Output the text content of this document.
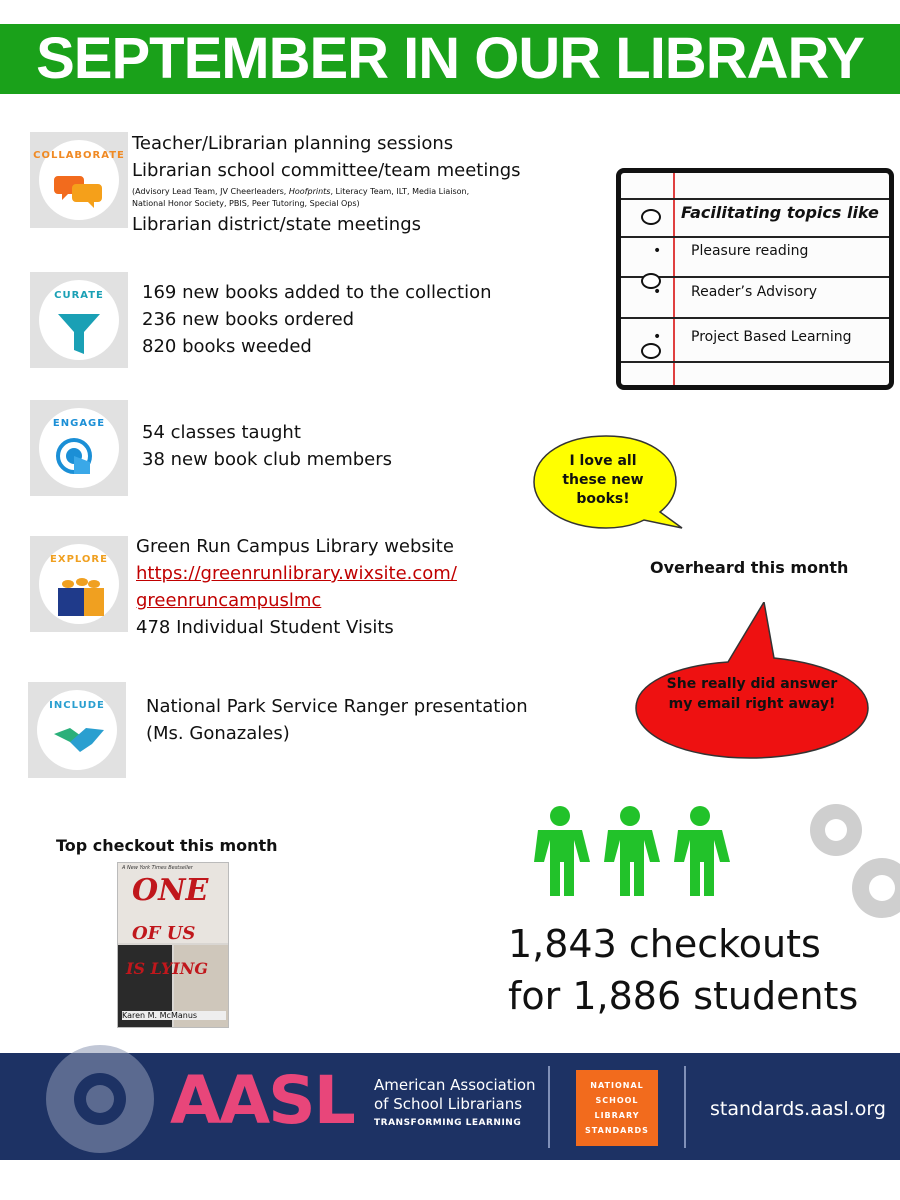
SEPTEMBER IN OUR LIBRARY
COLLABORATE
Teacher/Librarian planning sessions
Librarian school committee/team meetings
(Advisory Lead Team, JV Cheerleaders, Hoofprints, Literacy Team, ILT, Media Liaison,
National Honor Society, PBIS, Peer Tutoring, Special Ops)
Librarian district/state meetings
CURATE	169 new books added to the collection
236 new books ordered
820 books weeded
ENGAGE	54 classes taught
38 new book club members
EXPLORE
Green Run Campus Library website
https://greenrunlibrary.wixsite.com/
greenruncampuslmc
478 Individual Student Visits
INCLUDE	National Park Service Ranger presentation
(Ms. Gonazales)
Facilitating topics like
• Pleasure reading
• Reader’s Advisory
• Project Based Learning
I love all these new books!
Overheard this month
She really did answer my email right away!
Top checkout this month
A New York Times Bestseller
ONE
OF US
IS LYING
Karen M. McManus
1,843 checkouts
for 1,886 students
AASL American Association
of School Librarians
TRANSFORMING LEARNING
NATIONAL
SCHOOL
LIBRARY
STANDARDS
standards.aasl.org
